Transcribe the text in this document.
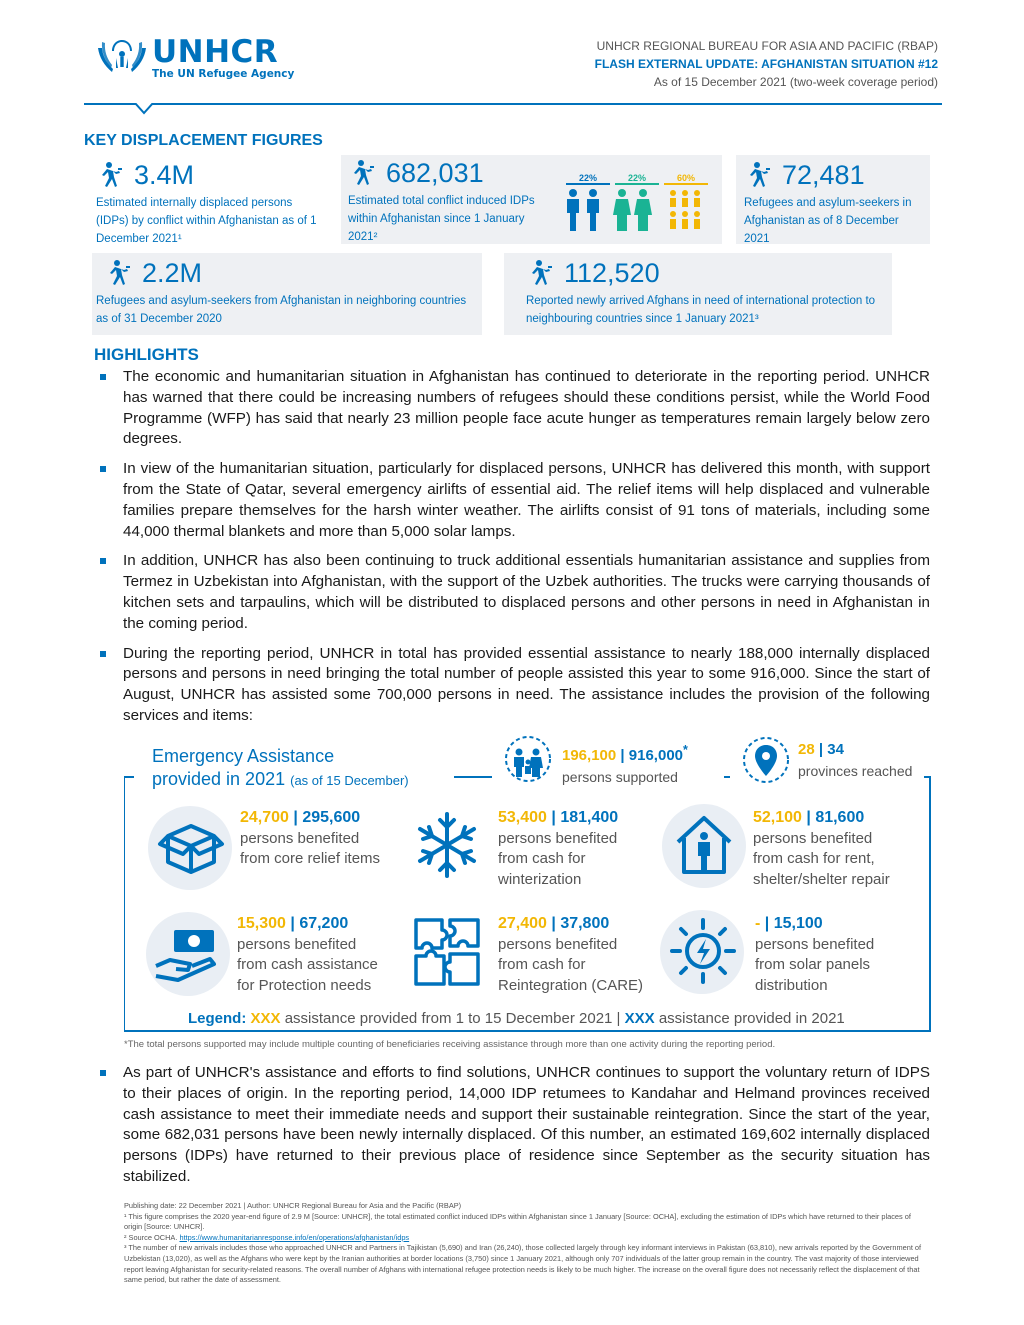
UNHCR
The UN Refugee Agency
UNHCR REGIONAL BUREAU FOR ASIA AND PACIFIC (RBAP)
FLASH EXTERNAL UPDATE: AFGHANISTAN SITUATION #12
As of 15 December 2021 (two-week coverage period)
KEY DISPLACEMENT FIGURES
3.4M
Estimated internally displaced persons (IDPs) by conflict within Afghanistan as of 1 December 2021¹
682,031
Estimated total conflict induced IDPs within Afghanistan since 1 January 2021²
22%	22%	60%	72,481
Refugees and asylum-seekers in Afghanistan as of 8 December 2021
2.2M
Refugees and asylum-seekers from Afghanistan in neighboring countries as of 31 December 2020
112,520
Reported newly arrived Afghans in need of international protection to neighbouring countries since 1 January 2021³
HIGHLIGHTS
The economic and humanitarian situation in Afghanistan has continued to deteriorate in the reporting period. UNHCR has warned that there could be increasing numbers of refugees should these conditions persist, while the World Food Programme (WFP) has said that nearly 23 million people face acute hunger as temperatures remain largely below zero degrees.
In view of the humanitarian situation, particularly for displaced persons, UNHCR has delivered this month, with support from the State of Qatar, several emergency airlifts of essential aid. The relief items will help displaced and vulnerable families prepare themselves for the harsh winter weather. The airlifts consist of 91 tons of materials, including some 44,000 thermal blankets and more than 5,000 solar lamps.
In addition, UNHCR has also been continuing to truck additional essentials humanitarian assistance and supplies from Termez in Uzbekistan into Afghanistan, with the support of the Uzbek authorities. The trucks were carrying thousands of kitchen sets and tarpaulins, which will be distributed to displaced persons and other persons in need in Afghanistan in the coming period.
During the reporting period, UNHCR in total has provided essential assistance to nearly 188,000 internally displaced persons and persons in need bringing the total number of people assisted this year to some 916,000. Since the start of August, UNHCR has assisted some 700,000 persons in need. The assistance includes the provision of the following services and items:
Emergency Assistance
provided in 2021 (as of 15 December)
196,100 | 916,000*
persons supported
28 | 34
provinces reached
24,700 | 295,600
persons benefited
from core relief items
53,400 | 181,400
persons benefited
from cash for
winterization
52,100 | 81,600
persons benefited
from cash for rent,
shelter/shelter repair
15,300 | 67,200
persons benefited
from cash assistance
for Protection needs
27,400 | 37,800
persons benefited
from cash for
Reintegration (CARE)
- | 15,100
persons benefited
from solar panels
distribution
Legend: XXX assistance provided from 1 to 15 December 2021 | XXX assistance provided in 2021
*The total persons supported may include multiple counting of beneficiaries receiving assistance through more than one activity during the reporting period.
As part of UNHCR's assistance and efforts to find solutions, UNHCR continues to support the voluntary return of IDPS to their places of origin. In the reporting period, 14,000 IDP retumees to Kandahar and Helmand provinces received cash assistance to meet their immediate needs and support their sustainable reintegration. Since the start of the year, some 682,031 persons have been newly internally displaced. Of this number, an estimated 169,602 internally displaced persons (IDPs) have returned to their previous place of residence since September as the security situation has stabilized.
Publishing date: 22 December 2021 | Author: UNHCR Regional Bureau for Asia and the Pacific (RBAP)
¹ This figure comprises the 2020 year-end figure of 2.9 M [Source: UNHCR], the total estimated conflict induced IDPs within Afghanistan since 1 January [Source: OCHA], excluding the estimation of IDPs which have returned to their places of origin [Source: UNHCR].
² Source OCHA. https://www.humanitarianresponse.info/en/operations/afghanistan/idps
³ The number of new arrivals includes those who approached UNHCR and Partners in Tajikistan (5,690) and Iran (26,240), those collected largely through key informant interviews in Pakistan (63,810), new arrivals reported by the Government of Uzbekistan (13,020), as well as the Afghans who were kept by the Iranian authorities at border locations (3,750) since 1 January 2021, although only 707 individuals of the latter group remain in the country. The vast majority of those interviewed report leaving Afghanistan for security-related reasons. The overall number of Afghans with international refugee protection needs is likely to be much higher. The increase on the overall figure does not necessarily reflect the displacement of that same period, but rather the date of assessment.
